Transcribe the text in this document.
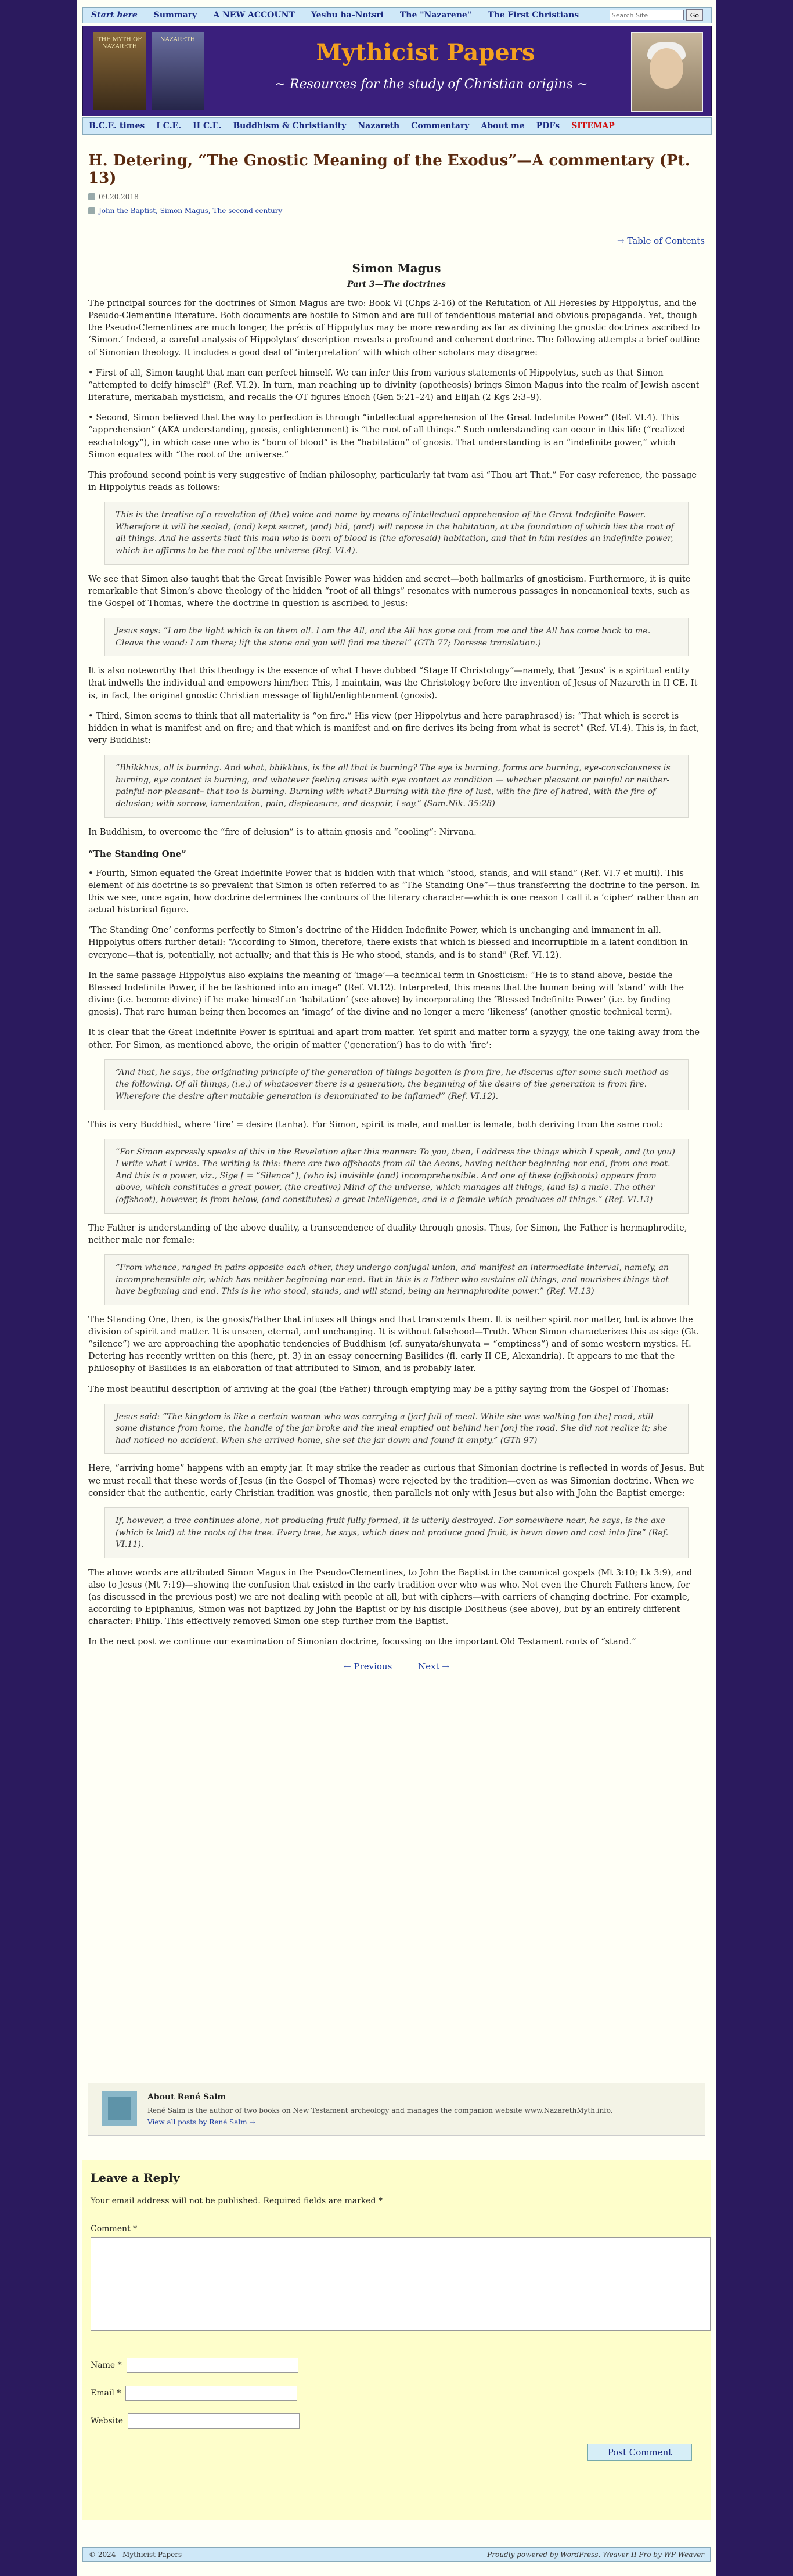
Start here	Summary	A NEW ACCOUNT	Yeshu ha-Notsri	The "Nazarene"	The First Christians
Search Site	Go
THE MYTH OF NAZARETH
NAZARETH	Mythicist Papers
~ Resources for the study of Christian origins ~
B.C.E. times	I C.E.	II C.E.	Buddhism & Christianity	Nazareth	Commentary	About me	PDFs	SITEMAP
H. Detering, “The Gnostic Meaning of the Exodus”—A commentary (Pt. 13)
09.20.2018
John the Baptist, Simon Magus, The second century
→ Table of Contents
Simon Magus
Part 3—The doctrines
The principal sources for the doctrines of Simon Magus are two: Book VI (Chps 2-16) of the Refutation of All Heresies by Hippolytus, and the Pseudo-Clementine literature. Both documents are hostile to Simon and are full of tendentious material and obvious propaganda. Yet, though the Pseudo-Clementines are much longer, the précis of Hippolytus may be more rewarding as far as divining the gnostic doctrines ascribed to ‘Simon.’ Indeed, a careful analysis of Hippolytus’ description reveals a profound and coherent doctrine. The following attempts a brief outline of Simonian theology. It includes a good deal of ‘interpretation’ with which other scholars may disagree:
• First of all, Simon taught that man can perfect himself. We can infer this from various statements of Hippolytus, such as that Simon “attempted to deify himself” (Ref. VI.2). In turn, man reaching up to divinity (apotheosis) brings Simon Magus into the realm of Jewish ascent literature, merkabah mysticism, and recalls the OT figures Enoch (Gen 5:21–24) and Elijah (2 Kgs 2:3–9).
• Second, Simon believed that the way to perfection is through “intellectual apprehension of the Great Indefinite Power” (Ref. VI.4). This “apprehension” (AKA understanding, gnosis, enlightenment) is “the root of all things.” Such understanding can occur in this life (“realized eschatology”), in which case one who is “born of blood” is the “habitation” of gnosis. That understanding is an “indefinite power,” which Simon equates with “the root of the universe.”
This profound second point is very suggestive of Indian philosophy, particularly tat tvam asi “Thou art That.” For easy reference, the passage in Hippolytus reads as follows:
This is the treatise of a revelation of (the) voice and name by means of intellectual apprehension of the Great Indefinite Power. Wherefore it will be sealed, (and) kept secret, (and) hid, (and) will repose in the habitation, at the foundation of which lies the root of all things. And he asserts that this man who is born of blood is (the aforesaid) habitation, and that in him resides an indefinite power, which he affirms to be the root of the universe (Ref. VI.4).
We see that Simon also taught that the Great Invisible Power was hidden and secret—both hallmarks of gnosticism. Furthermore, it is quite remarkable that Simon’s above theology of the hidden “root of all things” resonates with numerous passages in noncanonical texts, such as the Gospel of Thomas, where the doctrine in question is ascribed to Jesus:
Jesus says: “I am the light which is on them all. I am the All, and the All has gone out from me and the All has come back to me. Cleave the wood: I am there; lift the stone and you will find me there!” (GTh 77; Doresse translation.)
It is also noteworthy that this theology is the essence of what I have dubbed “Stage II Christology”—namely, that ‘Jesus’ is a spiritual entity that indwells the individual and empowers him/her. This, I maintain, was the Christology before the invention of Jesus of Nazareth in II CE. It is, in fact, the original gnostic Christian message of light/enlightenment (gnosis).
• Third, Simon seems to think that all materiality is “on fire.” His view (per Hippolytus and here paraphrased) is: “That which is secret is hidden in what is manifest and on fire; and that which is manifest and on fire derives its being from what is secret” (Ref. VI.4). This is, in fact, very Buddhist:
“Bhikkhus, all is burning. And what, bhikkhus, is the all that is burning? The eye is burning, forms are burning, eye-consciousness is burning, eye contact is burning, and whatever feeling arises with eye contact as condition — whether pleasant or painful or neither-painful-nor-pleasant– that too is burning. Burning with what? Burning with the fire of lust, with the fire of hatred, with the fire of delusion; with sorrow, lamentation, pain, displeasure, and despair, I say.” (Sam.Nik. 35:28)
In Buddhism, to overcome the “fire of delusion” is to attain gnosis and “cooling”: Nirvana.
“The Standing One”
• Fourth, Simon equated the Great Indefinite Power that is hidden with that which “stood, stands, and will stand” (Ref. VI.7 et multi). This element of his doctrine is so prevalent that Simon is often referred to as “The Standing One”—thus transferring the doctrine to the person. In this we see, once again, how doctrine determines the contours of the literary character—which is one reason I call it a ‘cipher’ rather than an actual historical figure.
‘The Standing One’ conforms perfectly to Simon’s doctrine of the Hidden Indefinite Power, which is unchanging and immanent in all. Hippolytus offers further detail: “According to Simon, therefore, there exists that which is blessed and incorruptible in a latent condition in everyone—that is, potentially, not actually; and that this is He who stood, stands, and is to stand” (Ref. VI.12).
In the same passage Hippolytus also explains the meaning of ‘image’—a technical term in Gnosticism: “He is to stand above, beside the Blessed Indefinite Power, if he be fashioned into an image” (Ref. VI.12). Interpreted, this means that the human being will ‘stand’ with the divine (i.e. become divine) if he make himself an ‘habitation’ (see above) by incorporating the ‘Blessed Indefinite Power’ (i.e. by finding gnosis). That rare human being then becomes an ‘image’ of the divine and no longer a mere ‘likeness’ (another gnostic technical term).
It is clear that the Great Indefinite Power is spiritual and apart from matter. Yet spirit and matter form a syzygy, the one taking away from the other. For Simon, as mentioned above, the origin of matter (‘generation’) has to do with ‘fire’:
“And that, he says, the originating principle of the generation of things begotten is from fire, he discerns after some such method as the following. Of all things, (i.e.) of whatsoever there is a generation, the beginning of the desire of the generation is from fire. Wherefore the desire after mutable generation is denominated to be inflamed” (Ref. VI.12).
This is very Buddhist, where ‘fire’ = desire (tanha). For Simon, spirit is male, and matter is female, both deriving from the same root:
“For Simon expressly speaks of this in the Revelation after this manner: To you, then, I address the things which I speak, and (to you) I write what I write. The writing is this: there are two offshoots from all the Aeons, having neither beginning nor end, from one root. And this is a power, viz., Sige [ = “Silence”], (who is) invisible (and) incomprehensible. And one of these (offshoots) appears from above, which constitutes a great power, (the creative) Mind of the universe, which manages all things, (and is) a male. The other (offshoot), however, is from below, (and constitutes) a great Intelligence, and is a female which produces all things.” (Ref. VI.13)
The Father is understanding of the above duality, a transcendence of duality through gnosis. Thus, for Simon, the Father is hermaphrodite, neither male nor female:
“From whence, ranged in pairs opposite each other, they undergo conjugal union, and manifest an intermediate interval, namely, an incomprehensible air, which has neither beginning nor end. But in this is a Father who sustains all things, and nourishes things that have beginning and end. This is he who stood, stands, and will stand, being an hermaphrodite power.” (Ref. VI.13)
The Standing One, then, is the gnosis/Father that infuses all things and that transcends them. It is neither spirit nor matter, but is above the division of spirit and matter. It is unseen, eternal, and unchanging. It is without falsehood—Truth. When Simon characterizes this as sige (Gk. “silence”) we are approaching the apophatic tendencies of Buddhism (cf. sunyata/shunyata = “emptiness”) and of some western mystics. H. Detering has recently written on this (here, pt. 3) in an essay concerning Basilides (fl. early II CE, Alexandria). It appears to me that the philosophy of Basilides is an elaboration of that attributed to Simon, and is probably later.
The most beautiful description of arriving at the goal (the Father) through emptying may be a pithy saying from the Gospel of Thomas:
Jesus said: “The kingdom is like a certain woman who was carrying a [jar] full of meal. While she was walking [on the] road, still some distance from home, the handle of the jar broke and the meal emptied out behind her [on] the road. She did not realize it; she had noticed no accident. When she arrived home, she set the jar down and found it empty.” (GTh 97)
Here, “arriving home” happens with an empty jar. It may strike the reader as curious that Simonian doctrine is reflected in words of Jesus. But we must recall that these words of Jesus (in the Gospel of Thomas) were rejected by the tradition—even as was Simonian doctrine. When we consider that the authentic, early Christian tradition was gnostic, then parallels not only with Jesus but also with John the Baptist emerge:
If, however, a tree continues alone, not producing fruit fully formed, it is utterly destroyed. For somewhere near, he says, is the axe (which is laid) at the roots of the tree. Every tree, he says, which does not produce good fruit, is hewn down and cast into fire” (Ref. VI.11).
The above words are attributed Simon Magus in the Pseudo-Clementines, to John the Baptist in the canonical gospels (Mt 3:10; Lk 3:9), and also to Jesus (Mt 7:19)—showing the confusion that existed in the early tradition over who was who. Not even the Church Fathers knew, for (as discussed in the previous post) we are not dealing with people at all, but with ciphers—with carriers of changing doctrine. For example, according to Epiphanius, Simon was not baptized by John the Baptist or by his disciple Dositheus (see above), but by an entirely different character: Philip. This effectively removed Simon one step further from the Baptist.
In the next post we continue our examination of Simonian doctrine, focussing on the important Old Testament roots of “stand.”
← Previous	Next →
About René Salm
René Salm is the author of two books on New Testament archeology and manages the companion website www.NazarethMyth.info.
View all posts by René Salm →
Leave a Reply
Your email address will not be published. Required fields are marked *
Comment *
Name *
Email *
Website
Post Comment
© 2024 - Mythicist Papers	Proudly powered by WordPress. Weaver II Pro by WP Weaver
